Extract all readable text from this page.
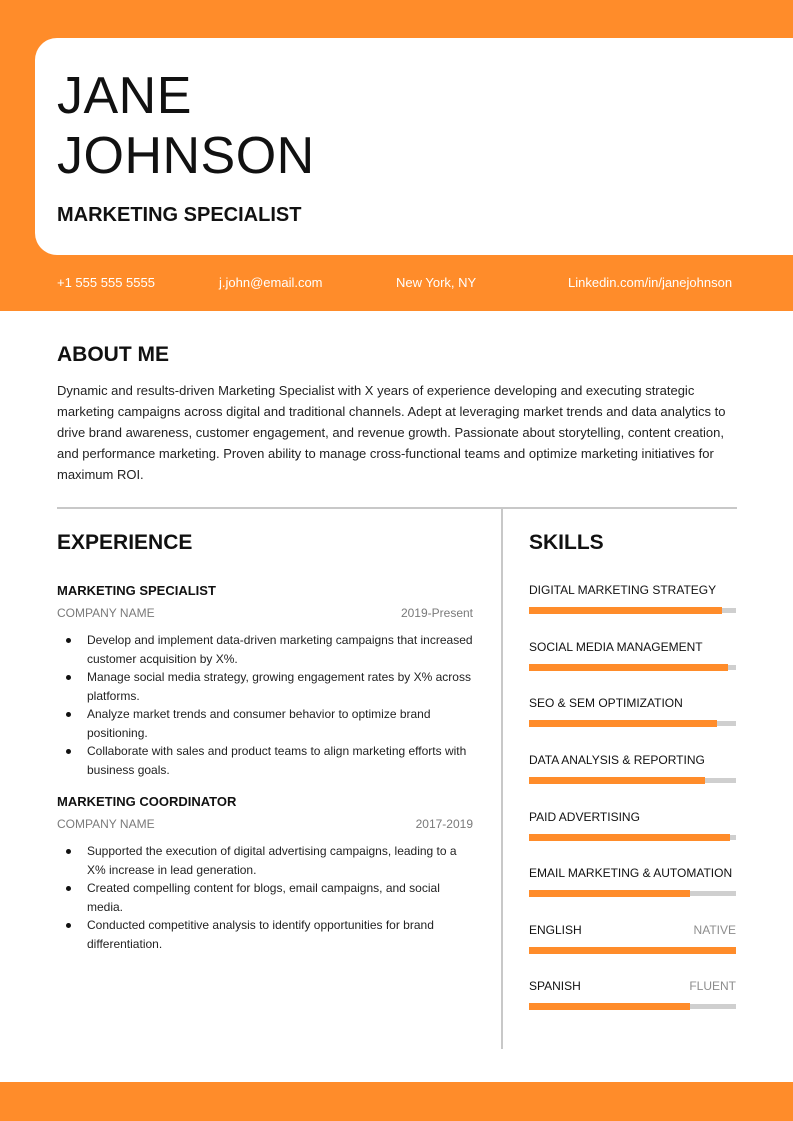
JANE
JOHNSON
MARKETING SPECIALIST
+1 555 555 5555	j.john@email.com	New York, NY	Linkedin.com/in/janejohnson
ABOUT ME

Dynamic and results-driven Marketing Specialist with X years of experience developing and executing strategic marketing campaigns across digital and traditional channels. Adept at leveraging market trends and data analytics to drive brand awareness, customer engagement, and revenue growth. Passionate about storytelling, content creation, and performance marketing. Proven ability to manage cross-functional teams and optimize marketing initiatives for maximum ROI.

EXPERIENCE	SKILLS
MARKETING SPECIALIST
COMPANY NAME	2019-Present
Develop and implement data-driven marketing campaigns that increased customer acquisition by X%.
Manage social media strategy, growing engagement rates by X% across platforms.
Analyze market trends and consumer behavior to optimize brand positioning.
Collaborate with sales and product teams to align marketing efforts with business goals.
MARKETING COORDINATOR
COMPANY NAME	2017-2019
Supported the execution of digital advertising campaigns, leading to a X% increase in lead generation.
Created compelling content for blogs, email campaigns, and social media.
Conducted competitive analysis to identify opportunities for brand differentiation.
DIGITAL MARKETING STRATEGY
SOCIAL MEDIA MANAGEMENT
SEO & SEM OPTIMIZATION
DATA ANALYSIS & REPORTING
PAID ADVERTISING
EMAIL MARKETING & AUTOMATION
ENGLISH	NATIVE
SPANISH	FLUENT
